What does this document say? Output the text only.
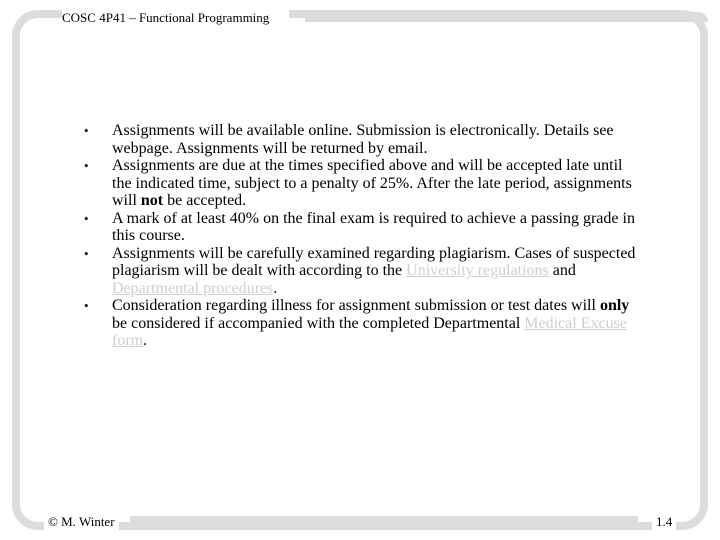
COSC 4P41 – Functional Programming
• Assignments will be available online. Submission is electronically. Details see webpage. Assignments will be returned by email.
• Assignments are due at the times specified above and will be accepted late until the indicated time, subject to a penalty of 25%. After the late period, assignments will not be accepted.
• A mark of at least 40% on the final exam is required to achieve a passing grade in this course.
• Assignments will be carefully examined regarding plagiarism. Cases of suspected plagiarism will be dealt with according to the University regulations and Departmental procedures.
• Consideration regarding illness for assignment submission or test dates will only be considered if accompanied with the completed Departmental Medical Excuse form.
© M. Winter	1.4
